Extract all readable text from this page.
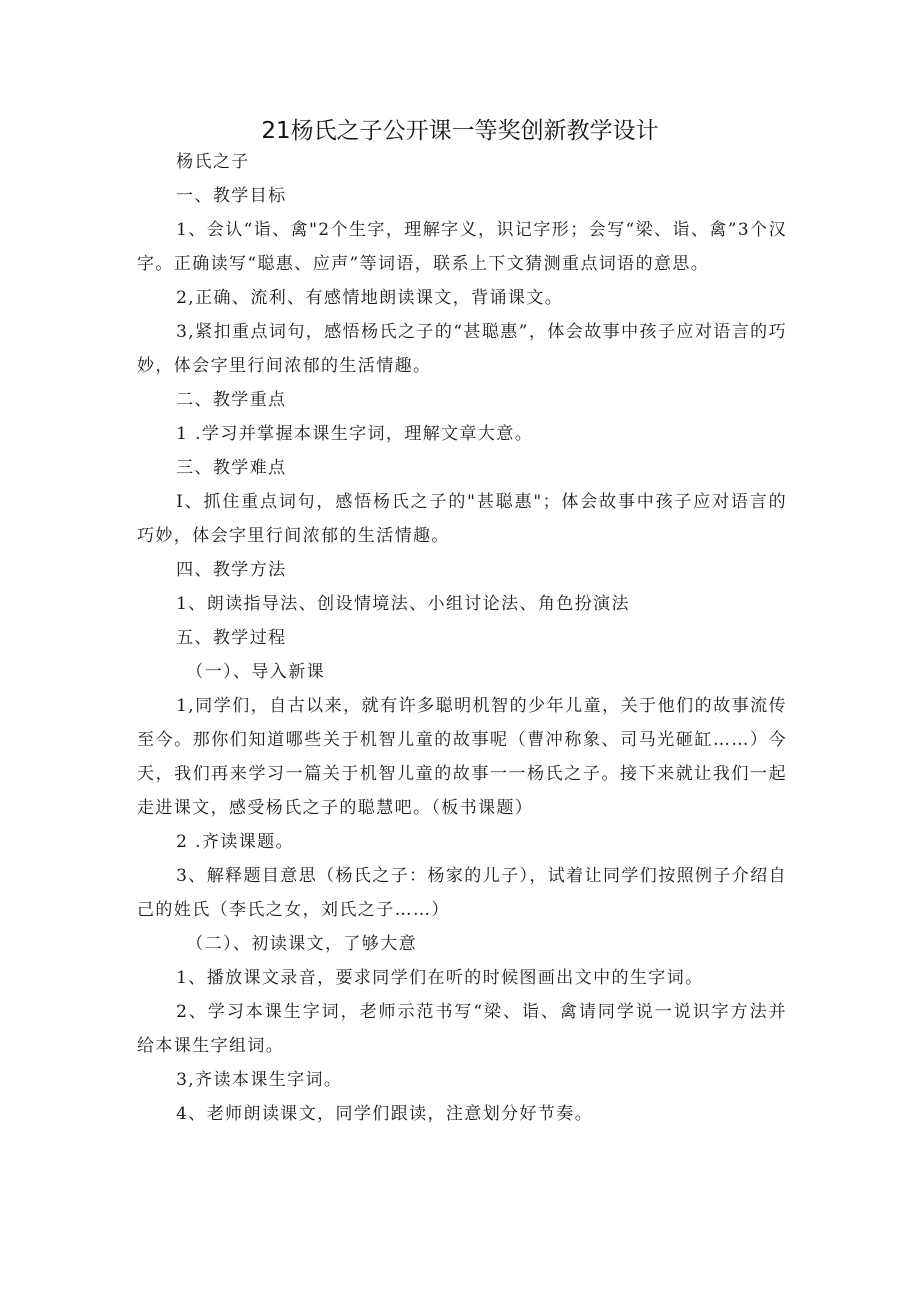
21杨氏之子公开课一等奖创新教学设计

杨氏之子

一、教学目标

1、会认“诣、禽"2个生字，理解字义，识记字形；会写“梁、诣、禽”3个汉字。正确读写“聪惠、应声”等词语，联系上下文猜测重点词语的意思。

2,正确、流利、有感情地朗读课文，背诵课文。

3,紧扣重点词句，感悟杨氏之子的“甚聪惠”，体会故事中孩子应对语言的巧妙，体会字里行间浓郁的生活情趣。

二、教学重点

1 .学习并掌握本课生字词，理解文章大意。

三、教学难点

I、抓住重点词句，感悟杨氏之子的"甚聪惠"；体会故事中孩子应对语言的巧妙，体会字里行间浓郁的生活情趣。

四、教学方法

1、朗读指导法、创设情境法、小组讨论法、角色扮演法

五、教学过程

（一）、导入新课

1,同学们，自古以来，就有许多聪明机智的少年儿童，关于他们的故事流传至今。那你们知道哪些关于机智儿童的故事呢（曹冲称象、司马光砸缸……）今天，我们再来学习一篇关于机智儿童的故事一一杨氏之子。接下来就让我们一起走进课文，感受杨氏之子的聪慧吧。（板书课题）

2 .齐读课题。

3、解释题目意思（杨氏之子：杨家的儿子），试着让同学们按照例子介绍自己的姓氏（李氏之女，刘氏之子……）

（二）、初读课文，了够大意

1、播放课文录音，要求同学们在听的时候图画出文中的生字词。

2、学习本课生字词，老师示范书写“梁、诣、禽请同学说一说识字方法并给本课生字组词。

3,齐读本课生字词。

4、老师朗读课文，同学们跟读，注意划分好节奏。
